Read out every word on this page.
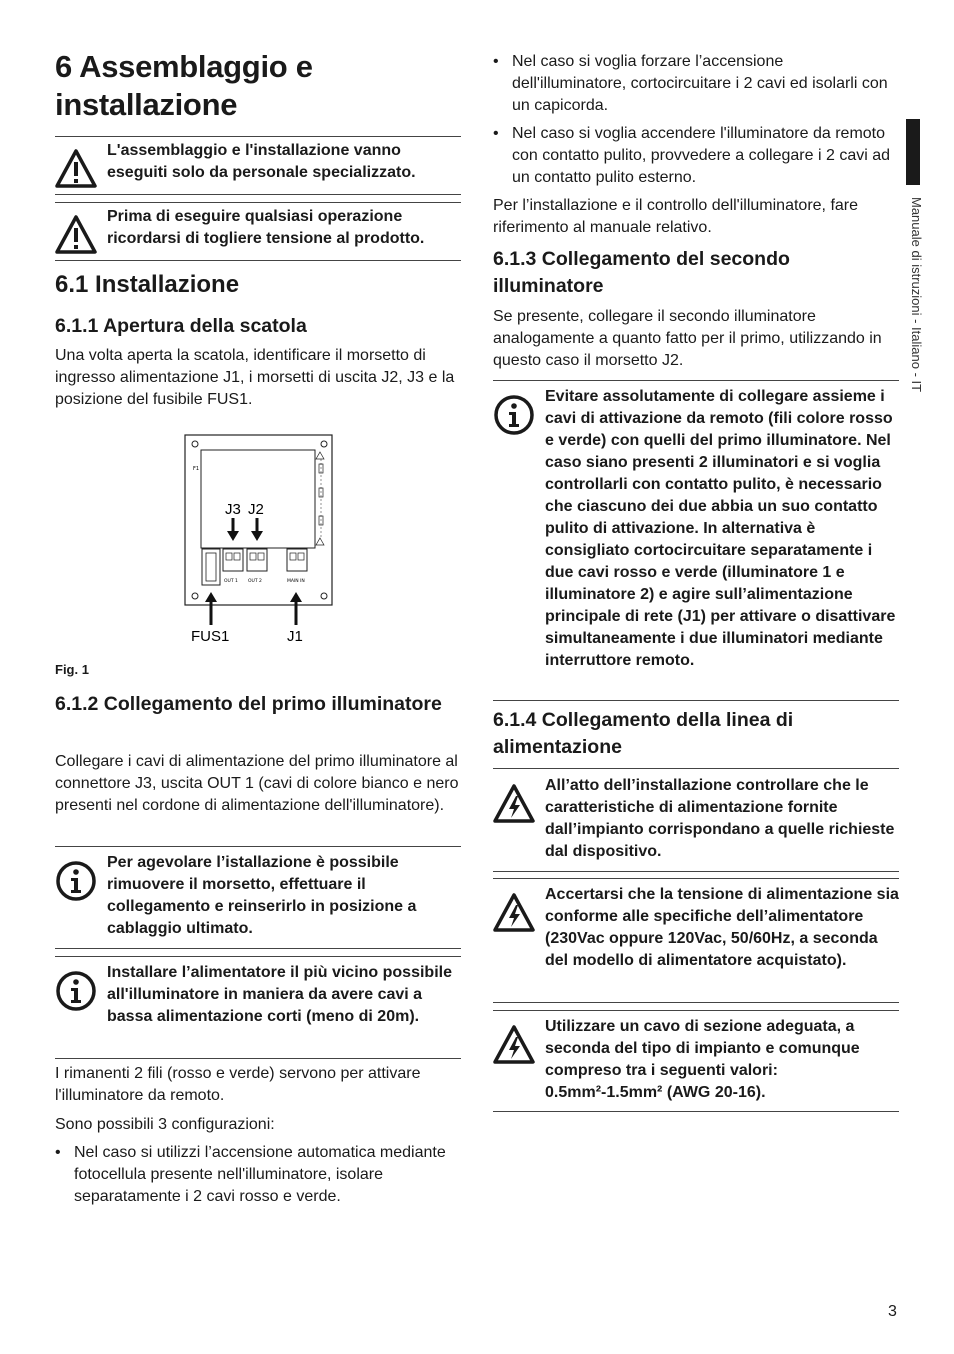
6 Assemblaggio e installazione
L'assemblaggio e l'installazione vanno eseguiti solo da personale specializzato.
Prima di eseguire qualsiasi operazione ricordarsi di togliere tensione al prodotto.
6.1 Installazione
6.1.1 Apertura della scatola
Una volta aperta la scatola, identificare il morsetto di ingresso alimentazione J1, i morsetti di uscita J2, J3 e la posizione del fusibile FUS1.
F1
OUT 1 OUT 2	MAIN IN
J3 J2
FUS1	J1
Fig. 1
6.1.2 Collegamento del primo illuminatore
Collegare i cavi di alimentazione del primo illuminatore al connettore J3, uscita OUT 1 (cavi di colore bianco e nero presenti nel cordone di alimentazione dell'illuminatore).
Per agevolare l’istallazione è possibile rimuovere il morsetto, effettuare il collegamento e reinserirlo in posizione a cablaggio ultimato.
Installare l’alimentatore il più vicino possibile all'illuminatore in maniera da avere cavi a bassa alimentazione corti (meno di 20m).
I rimanenti 2 fili (rosso e verde) servono per attivare l'illuminatore da remoto.
Sono possibili 3 configurazioni:
• Nel caso si utilizzi l’accensione automatica mediante fotocellula presente nell'illuminatore, isolare separatamente i 2 cavi rosso e verde.
• Nel caso si voglia forzare l’accensione dell'illuminatore, cortocircuitare i 2 cavi ed isolarli con un capicorda.
• Nel caso si voglia accendere l'illuminatore da remoto con contatto pulito, provvedere a collegare i 2 cavi ad un contatto pulito esterno.
Per l’installazione e il controllo dell'illuminatore, fare riferimento al manuale relativo.
6.1.3 Collegamento del secondo illuminatore
Se presente, collegare il secondo illuminatore analogamente a quanto fatto per il primo, utilizzando in questo caso il morsetto J2.
Evitare assolutamente di collegare assieme i cavi di attivazione da remoto (fili colore rosso e verde) con quelli del primo illuminatore. Nel caso siano presenti 2 illuminatori e si voglia controllarli con contatto pulito, è necessario che ciascuno dei due abbia un suo contatto pulito di attivazione. In alternativa è consigliato cortocircuitare separatamente i due cavi rosso e verde (illuminatore 1 e illuminatore 2) e agire sull’alimentazione principale di rete (J1) per attivare o disattivare simultaneamente i due illuminatori mediante interruttore remoto.
6.1.4 Collegamento della linea di alimentazione
All’atto dell’installazione controllare che le caratteristiche di alimentazione fornite dall’impianto corrispondano a quelle richieste dal dispositivo.
Accertarsi che la tensione di alimentazione sia conforme alle specifiche dell’alimentatore (230Vac oppure 120Vac, 50/60Hz, a seconda del modello di alimentatore acquistato).
Utilizzare un cavo di sezione adeguata, a seconda del tipo di impianto e comunque compreso tra i seguenti valori: 0.5mm²-1.5mm² (AWG 20-16).
Manuale di istruzioni - Italiano - IT
3
